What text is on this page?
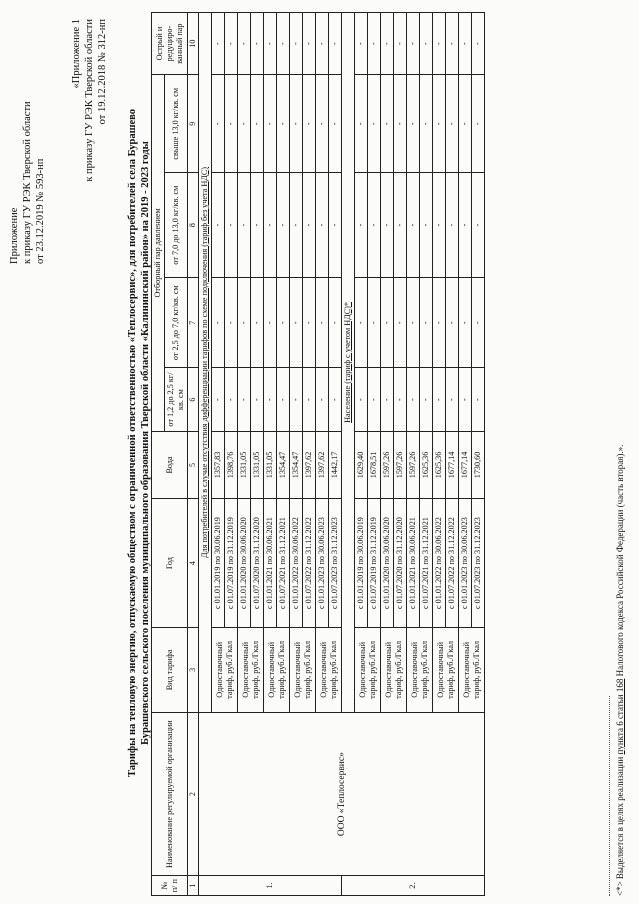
Приложение к приказу ГУ РЭК Тверской области от 23.12.2019 № 593-нп
«Приложение 1 к приказу ГУ РЭК Тверской области от 19.12.2018 № 312-нп
Тарифы на тепловую энергию, отпускаемую обществом с ограниченной ответственностью «Теплосервис», для потребителей села Бурашево Бурашевского сельского поселения муниципального образования Тверской области «Калининский район» на 2019 - 2023 годы
№ п/ п	Наименование регулируемой организации	Вид тарифа	Год	Вода	Отборный пар давлением				Острый и редуциро-ванный пар
					от 1,2 до 2,5 кг/кв. см	от 2,5 до 7,0 кг/кв. см	от 7,0 до 13,0 кг/кв. см	свыше 13,0 кг/кв. см	
1	2	3	4	5	6	7	8	9	10
1.	ООО «Теплосервис»	Для потребителей в случае отсутствия дифференциации тарифов по схеме подключения (тариф без учета НДС)							
		Одноставочный тариф, руб./Гкал	с 01.01.2019 по 30.06.2019	1357,83	-	-	-	-	-
			с 01.07.2019 по 31.12.2019	1398,76	-	-	-	-	-
		Одноставочный тариф, руб./Гкал	с 01.01.2020 по 30.06.2020	1331,05	-	-	-	-	-
			с 01.07.2020 по 31.12.2020	1331,05	-	-	-	-	-
		Одноставочный тариф, руб./Гкал	с 01.01.2021 по 30.06.2021	1331,05	-	-	-	-	-
			с 01.07.2021 по 31.12.2021	1354,47	-	-	-	-	-
		Одноставочный тариф, руб./Гкал	с 01.01.2022 по 30.06.2022	1354,47	-	-	-	-	-
			с 01.07.2022 по 31.12.2022	1397,62	-	-	-	-	-
		Одноставочный тариф, руб./Гкал	с 01.01.2023 по 30.06.2023	1397,62	-	-	-	-	-
			с 01.07.2023 по 31.12.2023	1442,17	-	-	-	-	-
2.		Население (тариф с учетом НДС)*							
		Одноставочный тариф, руб./Гкал	с 01.01.2019 по 30.06.2019	1629,40	-	-	-	-	-
			с 01.07.2019 по 31.12.2019	1678,51	-	-	-	-	-
		Одноставочный тариф, руб./Гкал	с 01.01.2020 по 30.06.2020	1597,26	-	-	-	-	-
			с 01.07.2020 по 31.12.2020	1597,26	-	-	-	-	-
		Одноставочный тариф, руб./Гкал	с 01.01.2021 по 30.06.2021	1597,26	-	-	-	-	-
			с 01.07.2021 по 31.12.2021	1625,36	-	-	-	-	-
		Одноставочный тариф, руб./Гкал	с 01.01.2022 по 30.06.2022	1625,36	-	-	-	-	-
			с 01.07.2022 по 31.12.2022	1677,14	-	-	-	-	-
		Одноставочный тариф, руб./Гкал	с 01.01.2023 по 30.06.2023	1677,14	-	-	-	-	-
			с 01.07.2023 по 31.12.2023	1730,60	-	-	-	-	-
<*> Выделяется в целях реализации пункта 6 статьи 168 Налогового кодекса Российской Федерации (часть вторая).».
